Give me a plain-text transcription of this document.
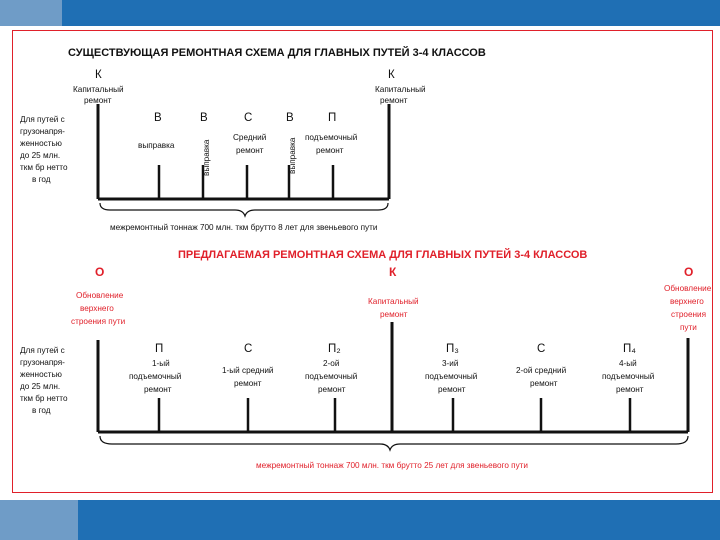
СУЩЕСТВУЮЩАЯ РЕМОНТНАЯ СХЕМА ДЛЯ ГЛАВНЫХ ПУТЕЙ 3-4 КЛАССОВ
К
Капитальный
ремонт
К
Капитальный
ремонт
Для путей с
грузонапря-
женностью
до 25 млн.
ткм бр нетто
в год
В
выправка
В
выправка
С
Средний
ремонт
В
выправка
П
подъемочный
ремонт
межремонтный тоннаж 700 млн. ткм брутто 8 лет для звеньевого пути
ПРЕДЛАГАЕМАЯ РЕМОНТНАЯ СХЕМА ДЛЯ ГЛАВНЫХ ПУТЕЙ 3-4 КЛАССОВ
О
Обновление
верхнего
строения пути
К
Капитальный
ремонт
О
Обновление
верхнего
строения
пути
Для путей с
грузонапря-
женностью
до 25 млн.
ткм бр нетто
в год
П
1-ый
подъемочный
ремонт
С
1-ый средний
ремонт
П₂
2-ой
подъемочный
ремонт
П₃
3-ий
подъемочный
ремонт
С
2-ой средний
ремонт
П₄
4-ый
подъемочный
ремонт
межремонтный тоннаж 700 млн. ткм брутто 25 лет для звеньевого пути
